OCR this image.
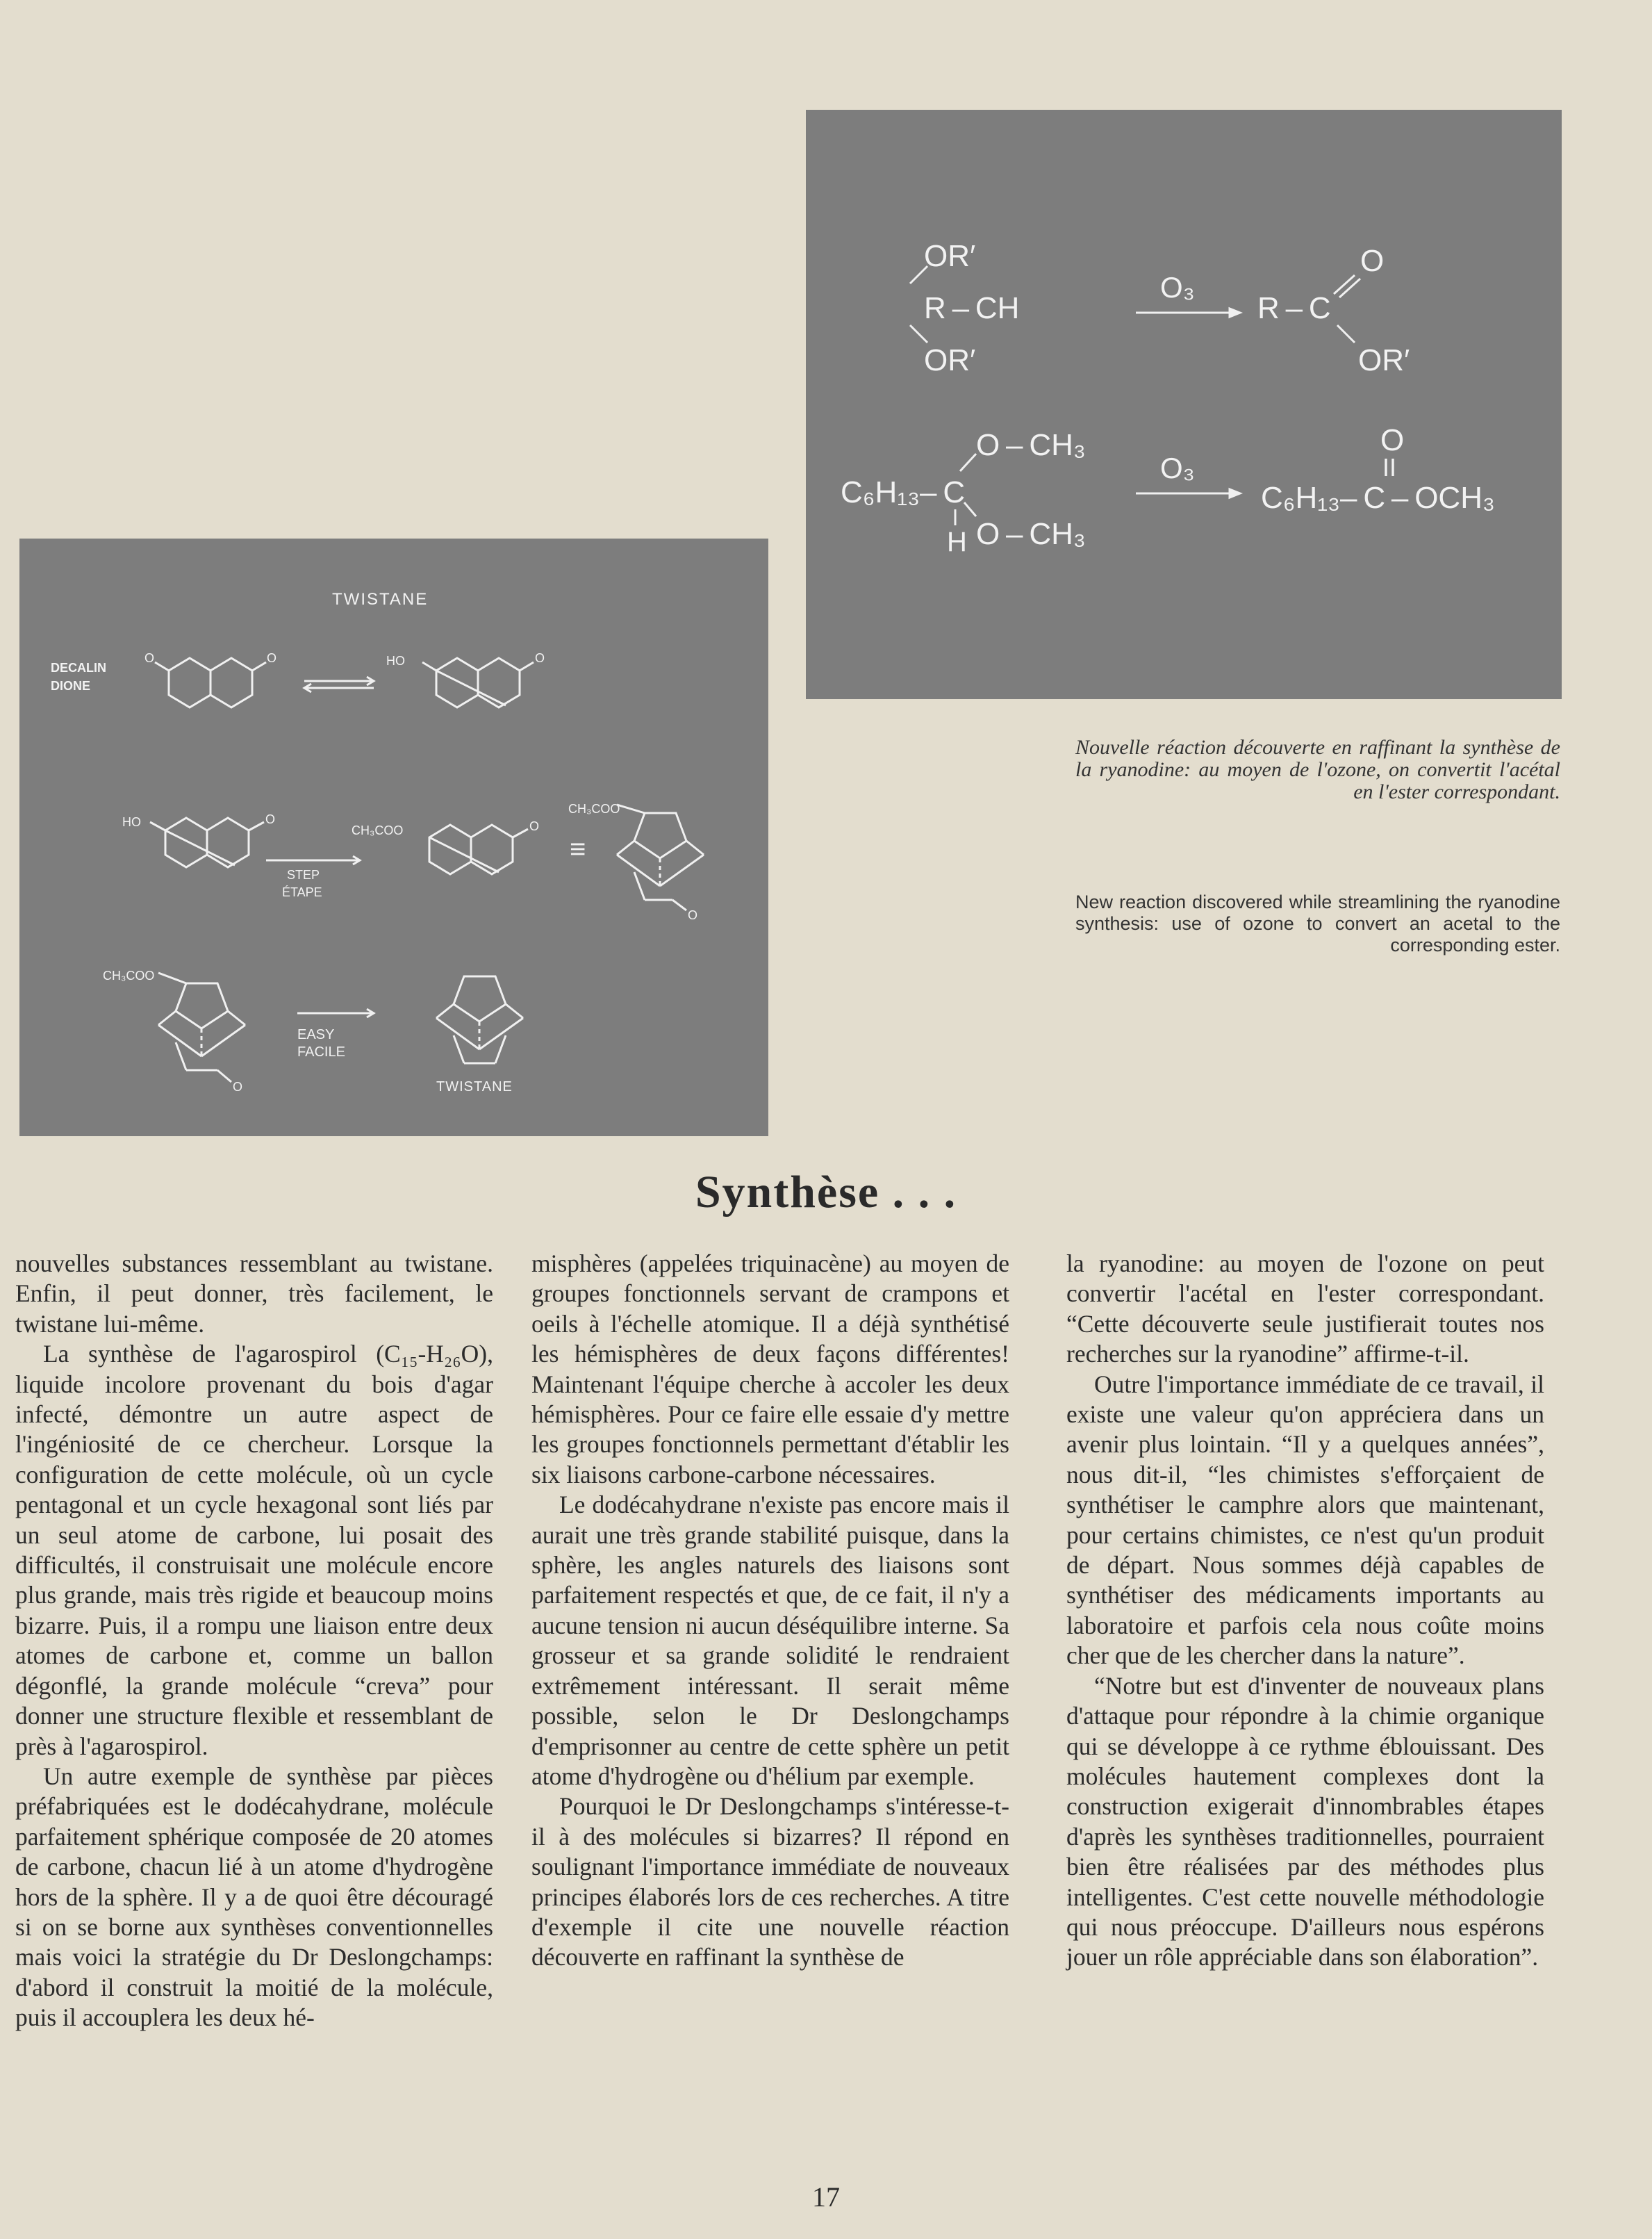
TWISTANE
DECALIN
DIONE
O	O	HO	O
HO	O
CH₃COO	O
STEP
ÉTAPE
≡
CH₃COO
O
CH₃COO
O
EASY
FACILE
TWISTANE
OR′
OR′
R – CH
O₃
R – C
O
OR′
O – CH₃
C₆H₁₃– C
H O – CH₃
O₃
O
II
C₆H₁₃– C – OCH₃
Nouvelle réaction découverte en raffinant la synthèse de la ryanodine: au moyen de l'ozone, on convertit l'acétal en l'ester correspondant.
New reaction discovered while streamlining the ryanodine synthesis: use of ozone to convert an acetal to the corresponding ester.
Synthèse . . .

nouvelles substances ressemblant au twistane. Enfin, il peut donner, très facilement, le twistane lui-même.

La synthèse de l'agarospirol (C₁₅-H₂₆O), liquide incolore provenant du bois d'agar infecté, démontre un autre aspect de l'ingéniosité de ce chercheur. Lorsque la configuration de cette molécule, où un cycle pentagonal et un cycle hexagonal sont liés par un seul atome de carbone, lui posait des difficultés, il construisait une molécule encore plus grande, mais très rigide et beaucoup moins bizarre. Puis, il a rompu une liaison entre deux atomes de carbone et, comme un ballon dégonflé, la grande molécule “creva” pour donner une structure flexible et ressemblant de près à l'agarospirol.

Un autre exemple de synthèse par pièces préfabriquées est le dodécahydrane, molécule parfaitement sphérique composée de 20 atomes de carbone, chacun lié à un atome d'hydrogène hors de la sphère. Il y a de quoi être découragé si on se borne aux synthèses conventionnelles mais voici la stratégie du Dr Deslongchamps: d'abord il construit la moitié de la molécule, puis il accouplera les deux hé-

misphères (appelées triquinacène) au moyen de groupes fonctionnels servant de crampons et oeils à l'échelle atomique. Il a déjà synthétisé les hémisphères de deux façons différentes! Maintenant l'équipe cherche à accoler les deux hémisphères. Pour ce faire elle essaie d'y mettre les groupes fonctionnels permettant d'établir les six liaisons carbone-carbone nécessaires.

Le dodécahydrane n'existe pas encore mais il aurait une très grande stabilité puisque, dans la sphère, les angles naturels des liaisons sont parfaitement respectés et que, de ce fait, il n'y a aucune tension ni aucun déséquilibre interne. Sa grosseur et sa grande solidité le rendraient extrêmement intéressant. Il serait même possible, selon le Dr Deslongchamps d'emprisonner au centre de cette sphère un petit atome d'hydrogène ou d'hélium par exemple.

Pourquoi le Dr Deslongchamps s'intéresse-t-il à des molécules si bizarres? Il répond en soulignant l'importance immédiate de nouveaux principes élaborés lors de ces recherches. A titre d'exemple il cite une nouvelle réaction découverte en raffinant la synthèse de

la ryanodine: au moyen de l'ozone on peut convertir l'acétal en l'ester correspondant. “Cette découverte seule justifierait toutes nos recherches sur la ryanodine” affirme-t-il.

Outre l'importance immédiate de ce travail, il existe une valeur qu'on appréciera dans un avenir plus lointain. “Il y a quelques années”, nous dit-il, “les chimistes s'efforçaient de synthétiser le camphre alors que maintenant, pour certains chimistes, ce n'est qu'un produit de départ. Nous sommes déjà capables de synthétiser des médicaments importants au laboratoire et parfois cela nous coûte moins cher que de les chercher dans la nature”.

“Notre but est d'inventer de nouveaux plans d'attaque pour répondre à la chimie organique qui se développe à ce rythme éblouissant. Des molécules hautement complexes dont la construction exigerait d'innombrables étapes d'après les synthèses traditionnelles, pourraient bien être réalisées par des méthodes plus intelligentes. C'est cette nouvelle méthodologie qui nous préoccupe. D'ailleurs nous espérons jouer un rôle appréciable dans son élaboration”.

17
